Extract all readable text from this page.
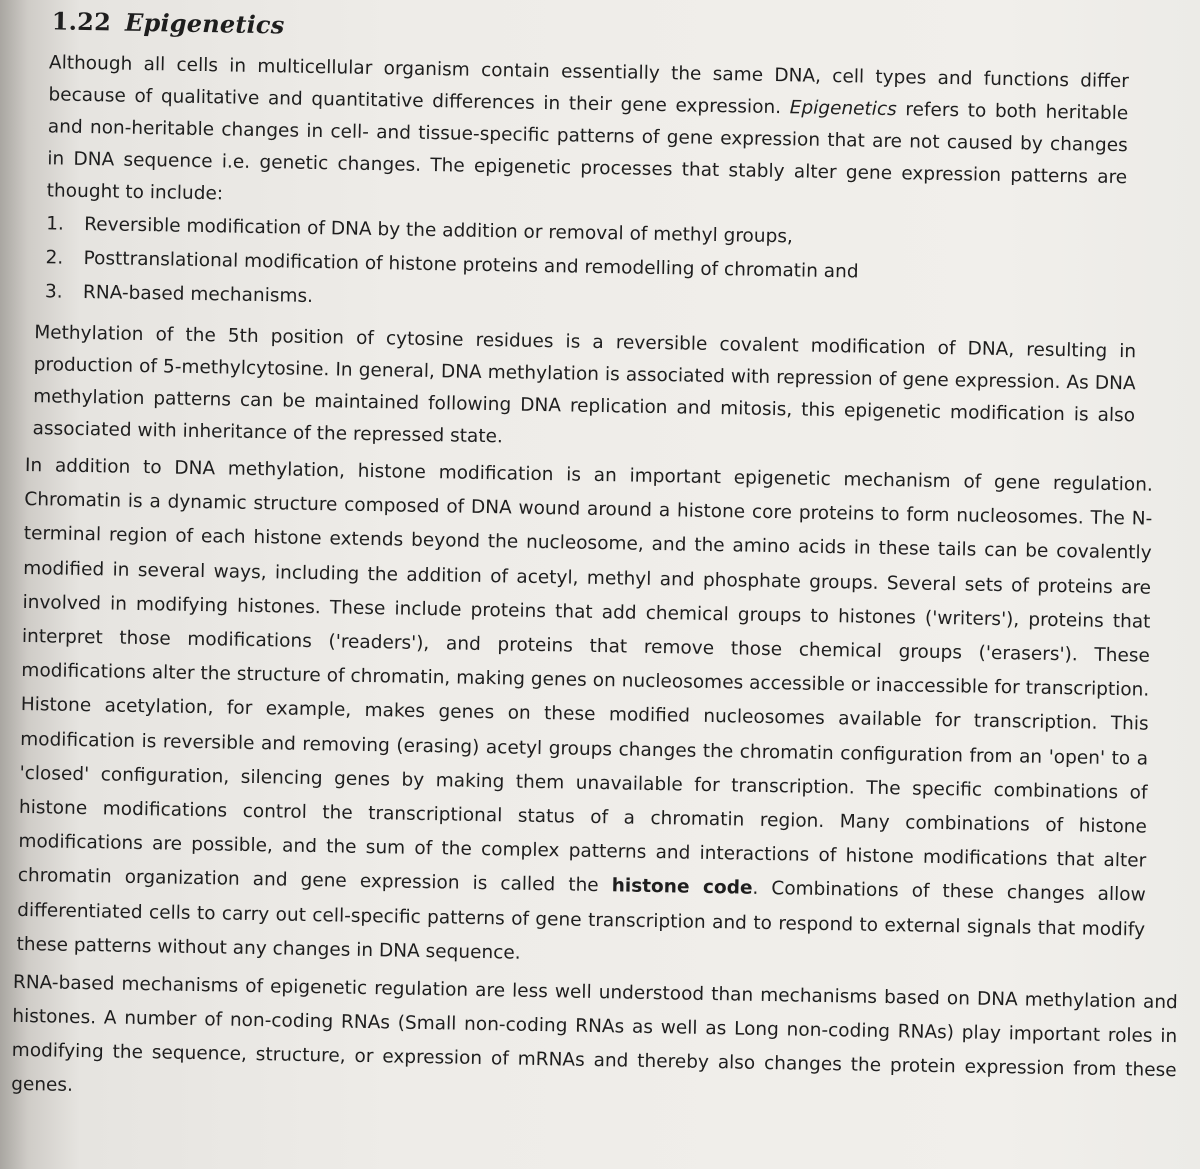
1.22 Epigenetics

Although all cells in multicellular organism contain essentially the same DNA, cell types and functions differ because of qualitative and quantitative differences in their gene expression. Epigenetics refers to both heritable and non-heritable changes in cell- and tissue-specific patterns of gene expression that are not caused by changes in DNA sequence i.e. genetic changes. The epigenetic processes that stably alter gene expression patterns are thought to include:

1. Reversible modification of DNA by the addition or removal of methyl groups,
2. Posttranslational modification of histone proteins and remodelling of chromatin and
3. RNA-based mechanisms.

Methylation of the 5th position of cytosine residues is a reversible covalent modification of DNA, resulting in production of 5-methylcytosine. In general, DNA methylation is associated with repression of gene expression. As DNA methylation patterns can be maintained following DNA replication and mitosis, this epigenetic modification is also associated with inheritance of the repressed state.

In addition to DNA methylation, histone modification is an important epigenetic mechanism of gene regulation. Chromatin is a dynamic structure composed of DNA wound around a histone core proteins to form nucleosomes. The N-terminal region of each histone extends beyond the nucleosome, and the amino acids in these tails can be covalently modified in several ways, including the addition of acetyl, methyl and phosphate groups. Several sets of proteins are involved in modifying histones. These include proteins that add chemical groups to histones ('writers'), proteins that interpret those modifications ('readers'), and proteins that remove those chemical groups ('erasers'). These modifications alter the structure of chromatin, making genes on nucleosomes accessible or inaccessible for transcription. Histone acetylation, for example, makes genes on these modified nucleosomes available for transcription. This modification is reversible and removing (erasing) acetyl groups changes the chromatin configuration from an 'open' to a 'closed' configuration, silencing genes by making them unavailable for transcription. The specific combinations of histone modifications control the transcriptional status of a chromatin region. Many combinations of histone modifications are possible, and the sum of the complex patterns and interactions of histone modifications that alter chromatin organization and gene expression is called the histone code. Combinations of these changes allow differentiated cells to carry out cell-specific patterns of gene transcription and to respond to external signals that modify these patterns without any changes in DNA sequence.

RNA-based mechanisms of epigenetic regulation are less well understood than mechanisms based on DNA methylation and histones. A number of non-coding RNAs (Small non-coding RNAs as well as Long non-coding RNAs) play important roles in modifying the sequence, structure, or expression of mRNAs and thereby also changes the protein expression from these genes.
